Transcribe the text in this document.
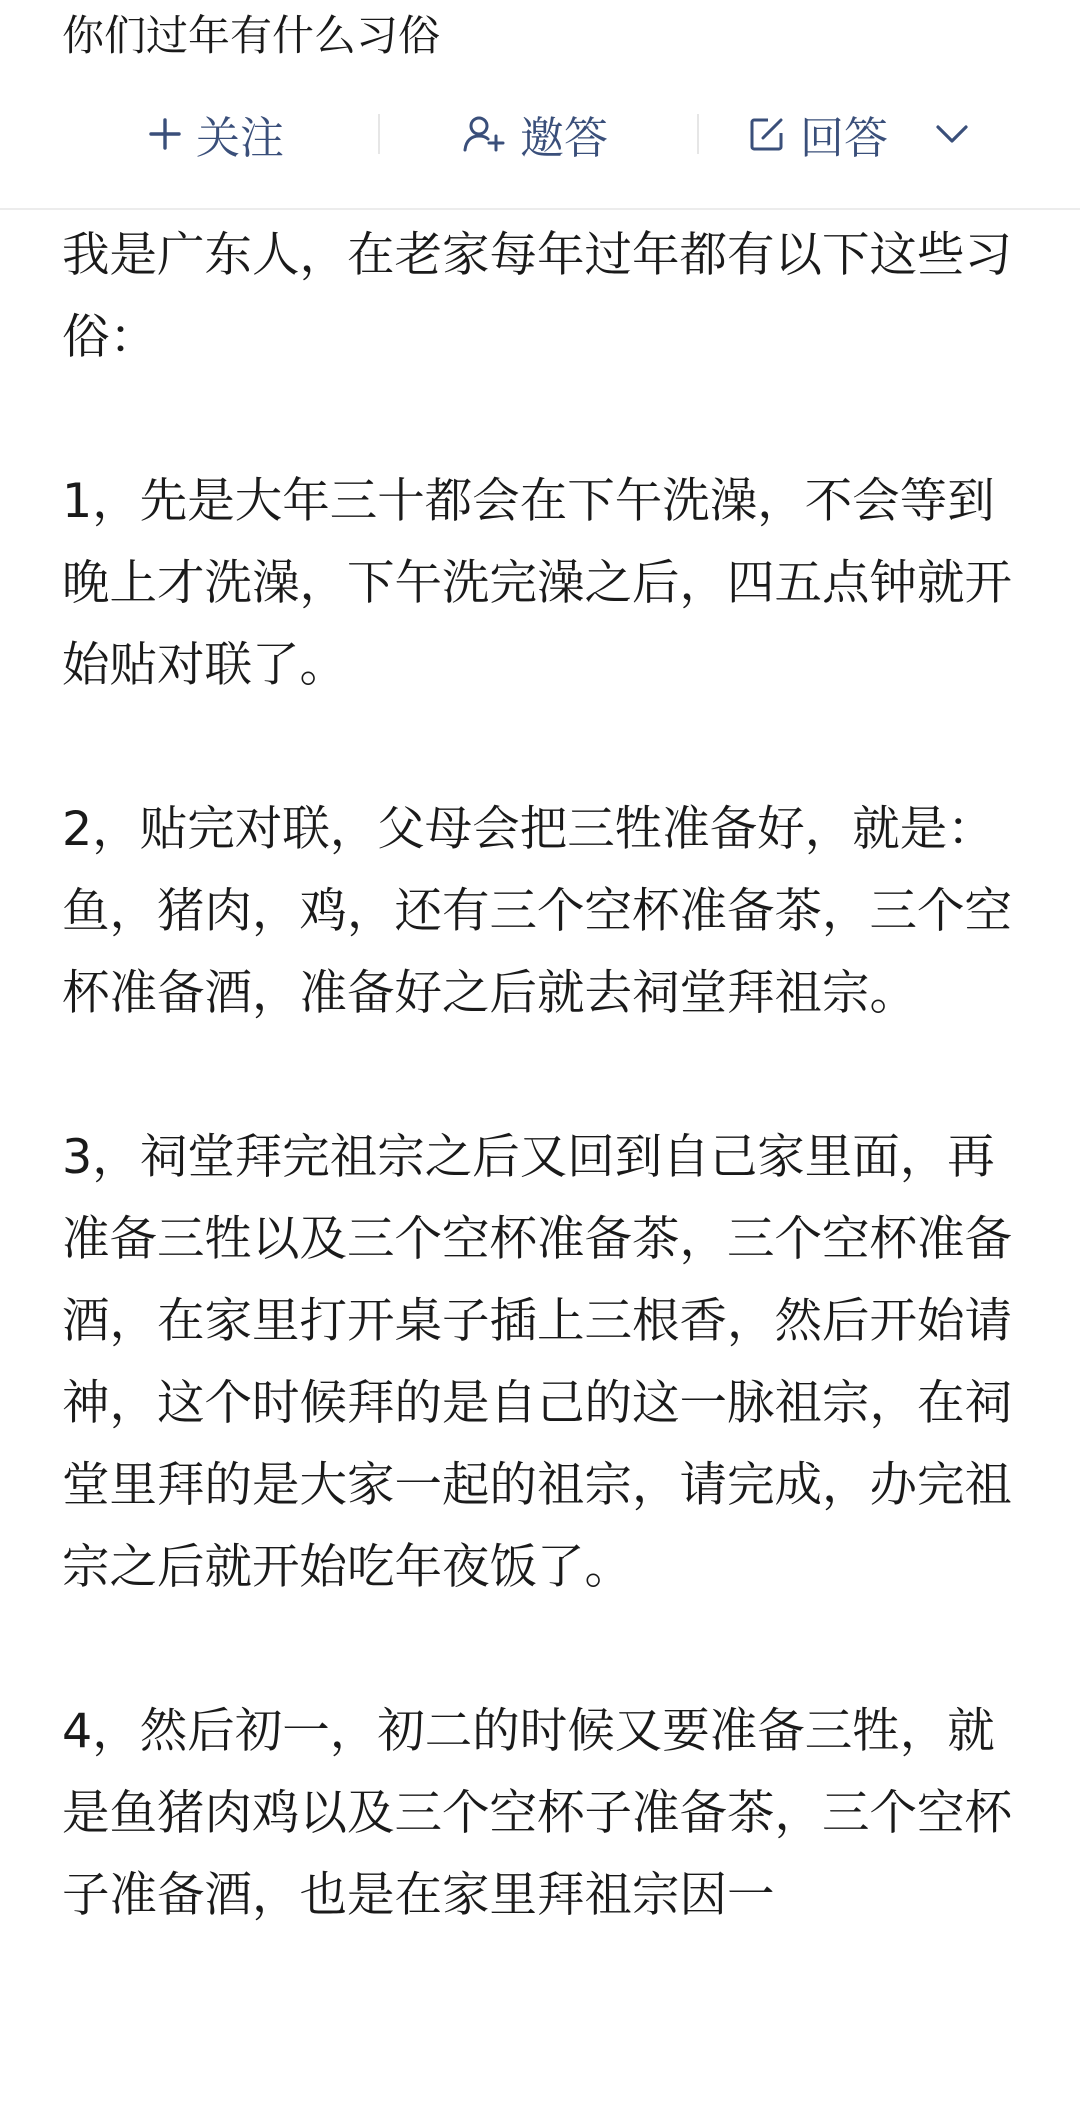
你们过年有什么习俗
关注	邀答	回答

我是广东人，在老家每年过年都有以下这些习俗：

1，先是大年三十都会在下午洗澡，不会等到晚上才洗澡，下午洗完澡之后，四五点钟就开始贴对联了。

2，贴完对联，父母会把三牲准备好，就是：鱼，猪肉，鸡，还有三个空杯准备茶，三个空杯准备酒，准备好之后就去祠堂拜祖宗。

3，祠堂拜完祖宗之后又回到自己家里面，再准备三牲以及三个空杯准备茶，三个空杯准备酒，在家里打开桌子插上三根香，然后开始请神，这个时候拜的是自己的这一脉祖宗，在祠堂里拜的是大家一起的祖宗，请完成，办完祖宗之后就开始吃年夜饭了。

4，然后初一，初二的时候又要准备三牲，就是鱼猪肉鸡以及三个空杯子准备茶，三个空杯子准备酒，也是在家里拜祖宗因一
